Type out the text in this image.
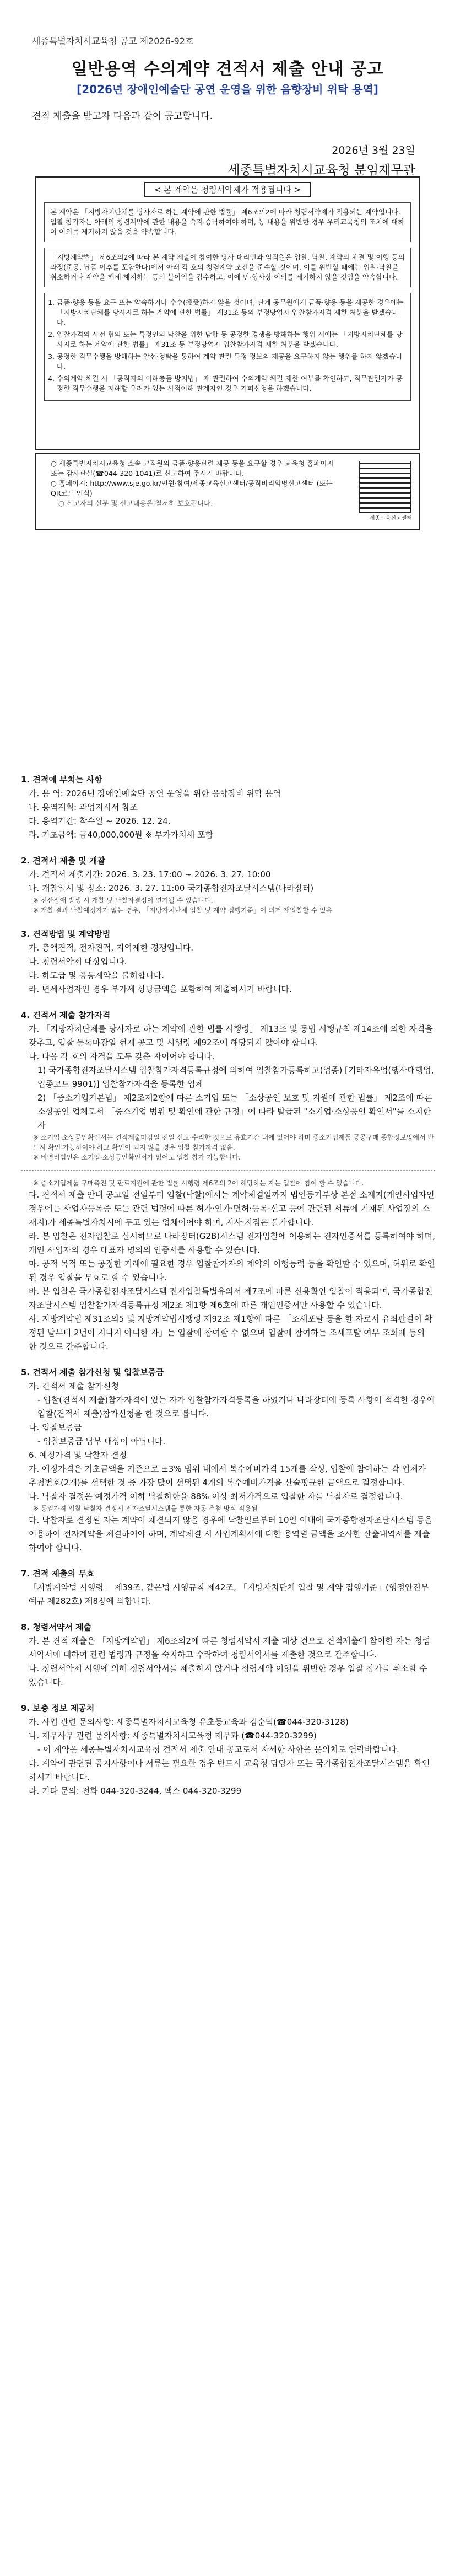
세종특별자치시교육청 공고 제2026-92호
일반용역 수의계약 견적서 제출 안내 공고
[2026년 장애인예술단 공연 운영을 위한 음향장비 위탁 용역]
견적 제출을 받고자 다음과 같이 공고합니다.
2026년 3월 23일
세종특별자치시교육청 분임재무관
< 본 계약은 청렴서약제가 적용됩니다 >
본 계약은 「지방자치단체를 당사자로 하는 계약에 관한 법률」 제6조의2에 따라 청렴서약제가 적용되는 계약입니다. 입찰 참가자는 아래의 청렴계약에 관한 내용을 숙지·승낙하여야 하며, 동 내용을 위반한 경우 우리교육청의 조치에 대하여 이의를 제기하지 않을 것을 약속합니다.
「지방계약법」 제6조의2에 따라 본 계약 제출에 참여한 당사 대리인과 임직원은 입찰, 낙찰, 계약의 체결 및 이행 등의 과정(준공, 납품 이후를 포함한다)에서 아래 각 호의 청렴계약 조건을 준수할 것이며, 이를 위반할 때에는 입찰·낙찰을 취소하거나 계약을 해제·해지하는 등의 불이익을 감수하고, 이에 민·형사상 이의를 제기하지 않을 것임을 약속합니다.
1. 금품·향응 등을 요구 또는 약속하거나 수수(授受)하지 않을 것이며, 관계 공무원에게 금품·향응 등을 제공한 경우에는 「지방자치단체를 당사자로 하는 계약에 관한 법률」 제31조 등의 부정당업자 입찰참가자격 제한 처분을 받겠습니다.
2. 입찰가격의 사전 협의 또는 특정인의 낙찰을 위한 담합 등 공정한 경쟁을 방해하는 행위 시에는 「지방자치단체를 당사자로 하는 계약에 관한 법률」 제31조 등 부정당업자 입찰참가자격 제한 처분을 받겠습니다.
3. 공정한 직무수행을 방해하는 알선·청탁을 통하여 계약 관련 특정 정보의 제공을 요구하지 않는 행위를 하지 않겠습니다.
4. 수의계약 체결 시 「공직자의 이해충돌 방지법」 제 관련하여 수의계약 체결 제한 여부를 확인하고, 직무관련자가 공정한 직무수행을 저해할 우려가 있는 사적이해 관계자인 경우 기피신청을 하겠습니다.
○ 세종특별자치시교육청 소속 교직원의 금품·향응관련 제공 등을 요구할 경우 교육청 홈페이지 또는 감사관실(☎044-320-1041)로 신고하여 주시기 바랍니다.
○ 홈페이지: http://www.sje.go.kr/민원·참여/세종교육신고센터/공직비리익명신고센터 (또는 QR코드 인식)
○ 신고자의 신분 및 신고내용은 철저히 보호됩니다.
세종교육신고센터
1. 견적에 부치는 사항
가. 용 역: 2026년 장애인예술단 공연 운영을 위한 음향장비 위탁 용역
나. 용역계획: 과업지시서 참조
다. 용역기간: 착수일 ~ 2026. 12. 24.
라. 기초금액: 금40,000,000원 ※ 부가가치세 포함
2. 견적서 제출 및 개찰
가. 견적서 제출기간: 2026. 3. 23. 17:00 ~ 2026. 3. 27. 10:00
나. 개찰일시 및 장소: 2026. 3. 27. 11:00 국가종합전자조달시스템(나라장터)
※ 전산장애 발생 시 개찰 및 낙찰자결정이 연기될 수 있습니다.
※ 개찰 결과 낙찰예정자가 없는 경우, 「지방자치단체 입찰 및 계약 집행기준」에 의거 재입찰할 수 있음
3. 견적방법 및 계약방법
가. 총액견적, 전자견적, 지역제한 경쟁입니다.
나. 청렴서약제 대상입니다.
다. 하도급 및 공동계약을 불허합니다.
라. 면세사업자인 경우 부가세 상당금액을 포함하여 제출하시기 바랍니다.
4. 견적서 제출 참가자격
가. 「지방자치단체를 당사자로 하는 계약에 관한 법률 시행령」 제13조 및 동법 시행규칙 제14조에 의한 자격을 갖추고, 입찰 등록마감일 현재 공고 및 시행령 제92조에 해당되지 않아야 합니다.
나. 다음 각 호의 자격을 모두 갖춘 자이어야 합니다.
1) 국가종합전자조달시스템 입찰참가자격등록규정에 의하여 입찰참가등록하고(업종) [기타자유업(행사대행업, 업종코드 9901)] 입찰참가자격을 등록한 업체
2) 「중소기업기본법」 제2조제2항에 따른 소기업 또는 「소상공인 보호 및 지원에 관한 법률」 제2조에 따른 소상공인 업체로서 「중소기업 범위 및 확인에 관한 규정」에 따라 발급된 "소기업·소상공인 확인서"를 소지한 자
※ 소기업·소상공인확인서는 견적제출마감일 전일 신고·수리한 것으로 유효기간 내에 있어야 하며 중소기업제품 공공구매 종합정보망에서 반드시 확인 가능하여야 하고 확인이 되지 않을 경우 입찰 참가자격 없음.
※ 비영리법인은 소기업·소상공인확인서가 없어도 입찰 참가 가능합니다.
※ 중소기업제품 구매촉진 및 판로지원에 관한 법률 시행령 제6조의 2에 해당하는 자는 입찰에 참여 할 수 없습니다.
다. 견적서 제출 안내 공고일 전일부터 입찰(낙찰)에서는 계약체결일까지 법인등기부상 본점 소재지(개인사업자인 경우에는 사업자등록증 또는 관련 법령에 따른 허가·인가·면허·등록·신고 등에 관련된 서류에 기재된 사업장의 소재지)가 세종특별자치시에 두고 있는 업체이어야 하며, 지사·지점은 불가합니다.
라. 본 입찰은 전자입찰로 실시하므로 나라장터(G2B)시스템 전자입찰에 이용하는 전자인증서를 등록하여야 하며, 개인 사업자의 경우 대표자 명의의 인증서를 사용할 수 있습니다.
마. 공적 목적 또는 공정한 거래에 필요한 경우 입찰참가자의 계약의 이행능력 등을 확인할 수 있으며, 허위로 확인된 경우 입찰을 무효로 할 수 있습니다.
바. 본 입찰은 국가종합전자조달시스템 전자입찰특별유의서 제7조에 따른 신용확인 입찰이 적용되며, 국가종합전자조달시스템 입찰참가자격등록규정 제2조 제1항 제6호에 따른 개인인증서만 사용할 수 있습니다.
사. 지방계약법 제31조의5 및 지방계약법시행령 제92조 제1항에 따른 「조세포탈 등을 한 자로서 유죄판결이 확정된 날부터 2년이 지나지 아니한 자」는 입찰에 참여할 수 없으며 입찰에 참여하는 조세포탈 여부 조회에 동의 한 것으로 간주합니다.
5. 견적서 제출 참가신청 및 입찰보증금
가. 견적서 제출 참가신청
- 입찰(견적서 제출)참가자격이 있는 자가 입찰참가자격등록을 하였거나 나라장터에 등록 사항이 적격한 경우에 입찰(견적서 제출)참가신청을 한 것으로 봅니다.
나. 입찰보증금
- 입찰보증금 납부 대상이 아닙니다.
6. 예정가격 및 낙찰자 결정
가. 예정가격은 기초금액을 기준으로 ±3% 범위 내에서 복수예비가격 15개를 작성, 입찰에 참여하는 각 업체가 추첨번호(2개)를 선택한 것 중 가장 많이 선택된 4개의 복수예비가격을 산술평균한 금액으로 결정합니다.
나. 낙찰자 결정은 예정가격 이하 낙찰하한율 88% 이상 최저가격으로 입찰한 자를 낙찰자로 결정합니다.
※ 동일가격 입찰 낙찰자 결정시 전자조달시스템을 통한 자동 추첨 방식 적용됨
다. 낙찰자로 결정된 자는 계약이 체결되지 않을 경우에 낙찰일로부터 10일 이내에 국가종합전자조달시스템 등을 이용하여 전자계약을 체결하여야 하며, 계약체결 시 사업계획서에 대한 용역별 금액을 조사한 산출내역서를 제출하여야 합니다.
7. 견적 제출의 무효
「지방계약법 시행령」 제39조, 같은법 시행규칙 제42조, 「지방자치단체 입찰 및 계약 집행기준」(행정안전부 예규 제282호) 제8장에 의합니다.
8. 청렴서약서 제출
가. 본 견적 제출은 「지방계약법」 제6조의2에 따른 청렴서약서 제출 대상 건으로 견적제출에 참여한 자는 청렴서약서에 대하여 관련 법령과 규정을 숙지하고 수락하여 청렴서약서를 제출한 것으로 간주합니다.
나. 청렴서약제 시행에 의해 청렴서약서를 제출하지 않거나 청렴계약 이행을 위반한 경우 입찰 참가를 취소할 수 있습니다.
9. 보충 정보 제공처
가. 사업 관련 문의사항: 세종특별자치시교육청 유초등교육과 김순덕(☎044-320-3128)
나. 재무사무 관련 문의사항: 세종특별자치시교육청 재무과 (☎044-320-3299)
- 이 계약은 세종특별자치시교육청 견적서 제출 안내 공고로서 자세한 사항은 문의처로 연락바랍니다.
다. 계약에 관련된 공지사항이나 서류는 필요한 경우 반드시 교육청 담당자 또는 국가종합전자조달시스템을 확인하시기 바랍니다.
라. 기타 문의: 전화 044-320-3244, 팩스 044-320-3299
